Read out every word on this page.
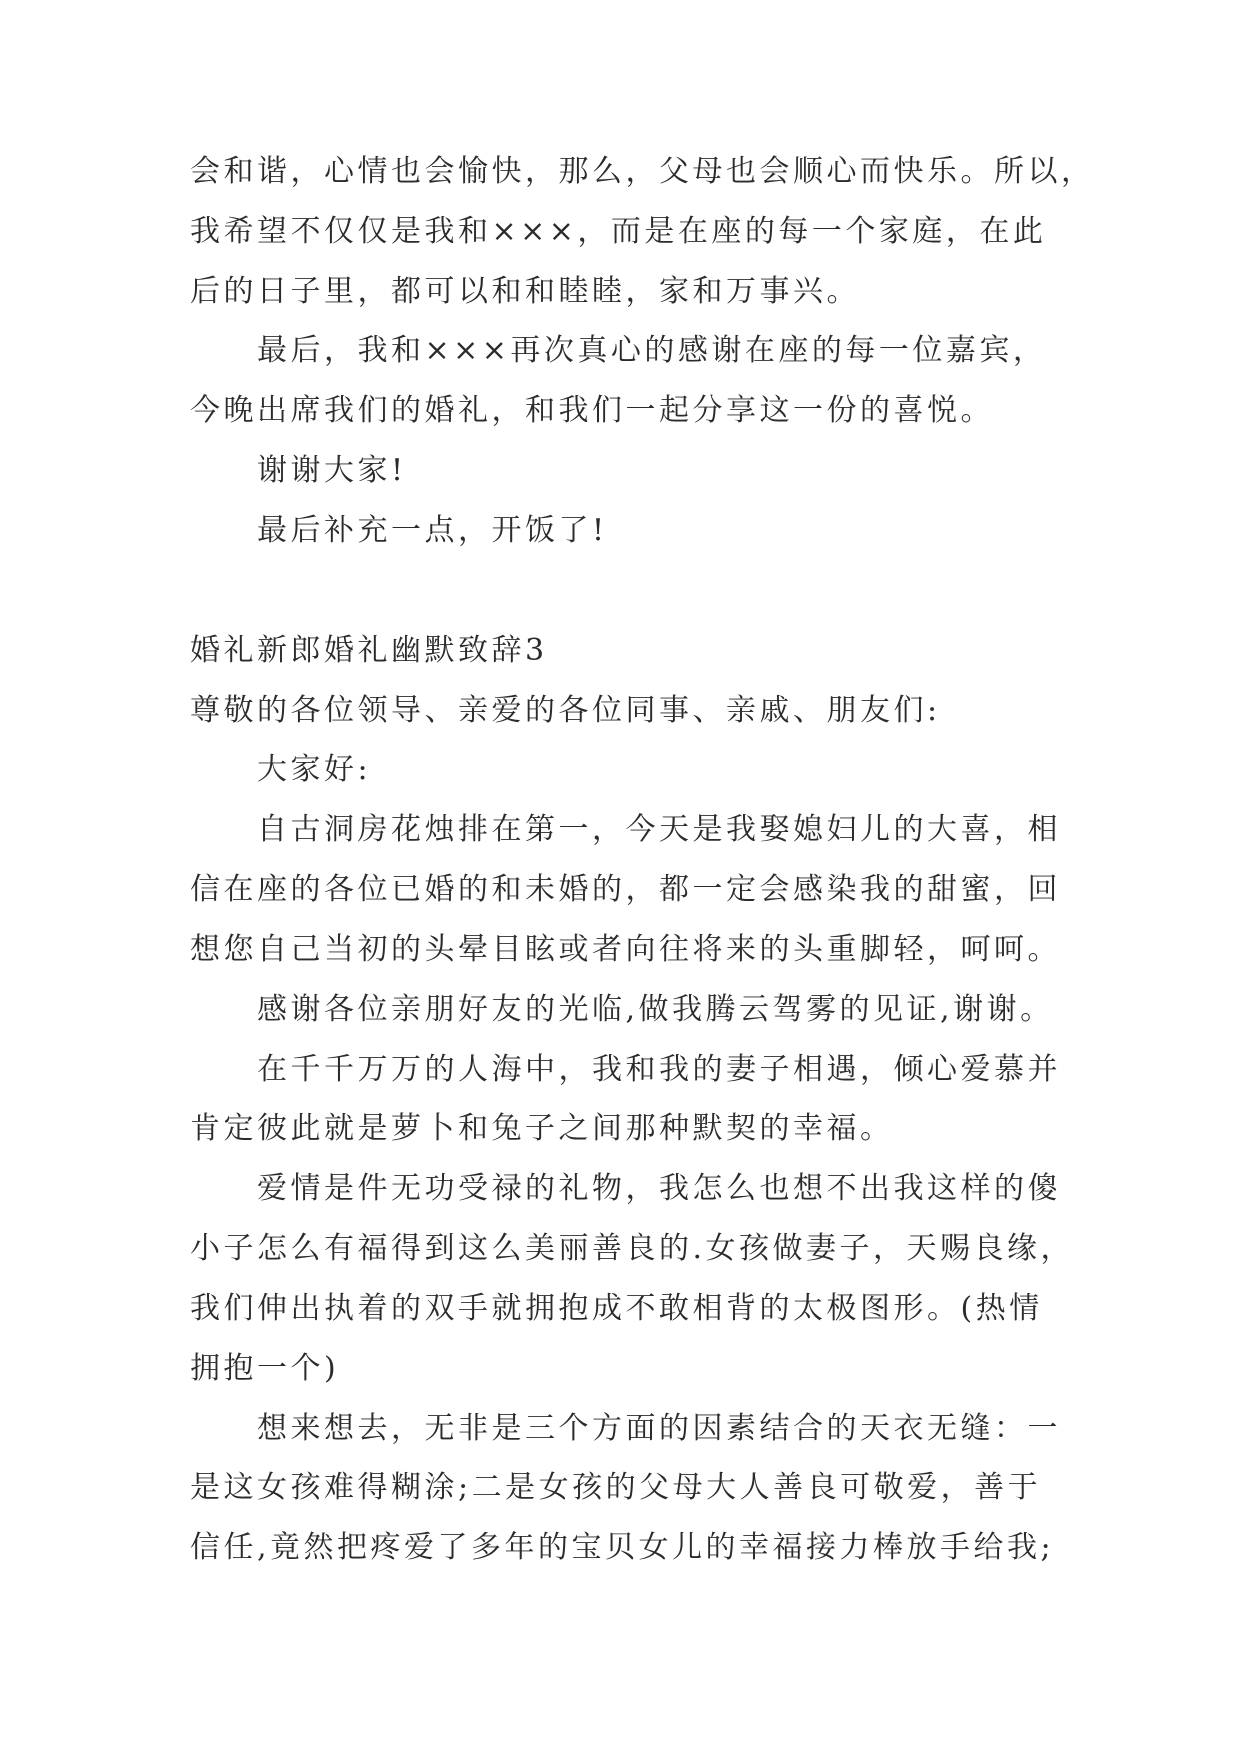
会和谐，心情也会愉快，那么，父母也会顺心而快乐。所以，
我希望不仅仅是我和×××，而是在座的每一个家庭，在此
后的日子里，都可以和和睦睦，家和万事兴。
最后，我和×××再次真心的感谢在座的每一位嘉宾，
今晚出席我们的婚礼，和我们一起分享这一份的喜悦。
谢谢大家!
最后补充一点，开饭了!
婚礼新郎婚礼幽默致辞3
尊敬的各位领导、亲爱的各位同事、亲戚、朋友们:
大家好:
自古洞房花烛排在第一，今天是我娶媳妇儿的大喜，相
信在座的各位已婚的和未婚的，都一定会感染我的甜蜜，回
想您自己当初的头晕目眩或者向往将来的头重脚轻，呵呵。
感谢各位亲朋好友的光临,做我腾云驾雾的见证,谢谢。
在千千万万的人海中，我和我的妻子相遇，倾心爱慕并
肯定彼此就是萝卜和兔子之间那种默契的幸福。
爱情是件无功受禄的礼物，我怎么也想不出我这样的傻
小子怎么有福得到这么美丽善良的.女孩做妻子，天赐良缘，
我们伸出执着的双手就拥抱成不敢相背的太极图形。(热情
拥抱一个)
想来想去，无非是三个方面的因素结合的天衣无缝：一
是这女孩难得糊涂;二是女孩的父母大人善良可敬爱，善于
信任,竟然把疼爱了多年的宝贝女儿的幸福接力棒放手给我;
